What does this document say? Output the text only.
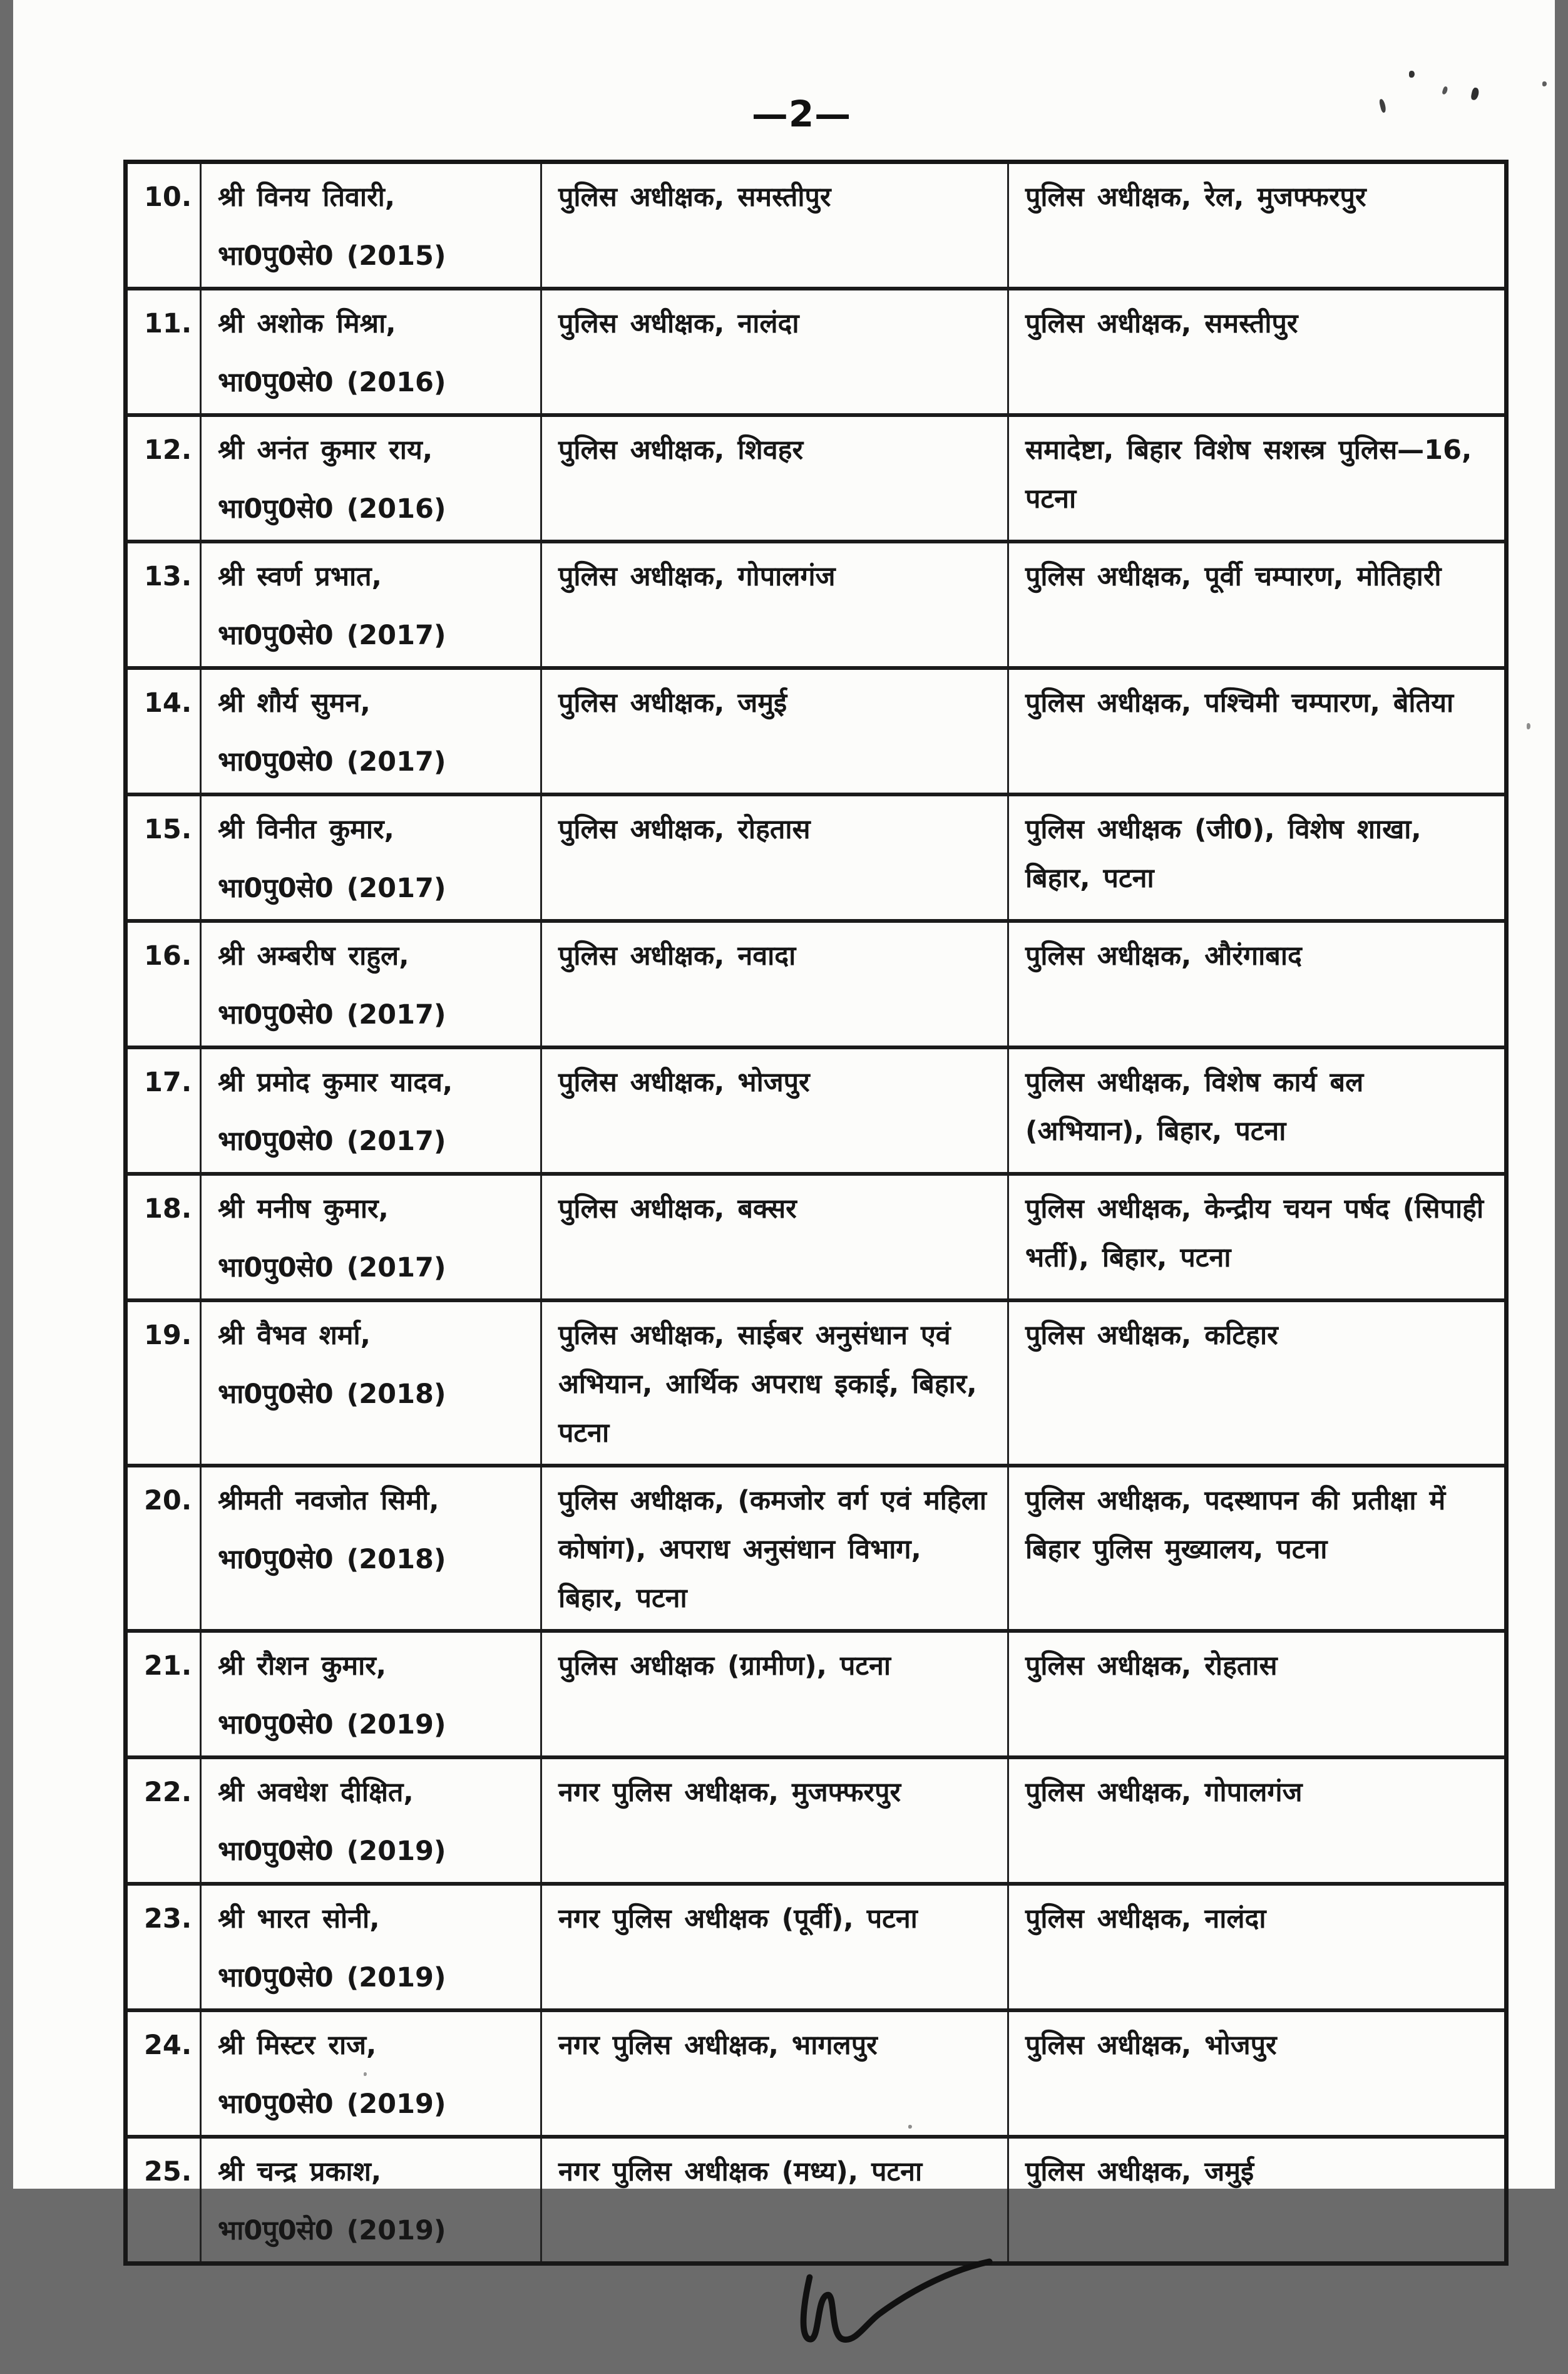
—2—
10.	श्री विनय तिवारी,
भा0पु0से0 (2015)	पुलिस अधीक्षक, समस्तीपुर	पुलिस अधीक्षक, रेल, मुजफ्फरपुर

11.	श्री अशोक मिश्रा,
भा0पु0से0 (2016)	पुलिस अधीक्षक, नालंदा	पुलिस अधीक्षक, समस्तीपुर

12.	श्री अनंत कुमार राय,
भा0पु0से0 (2016)	पुलिस अधीक्षक, शिवहर	समादेष्टा, बिहार विशेष सशस्त्र पुलिस—16, पटना

13.	श्री स्वर्ण प्रभात,
भा0पु0से0 (2017)	पुलिस अधीक्षक, गोपालगंज	पुलिस अधीक्षक, पूर्वी चम्पारण, मोतिहारी

14.	श्री शौर्य सुमन,
भा0पु0से0 (2017)	पुलिस अधीक्षक, जमुई	पुलिस अधीक्षक, पश्चिमी चम्पारण, बेतिया

15.	श्री विनीत कुमार,
भा0पु0से0 (2017)	पुलिस अधीक्षक, रोहतास	पुलिस अधीक्षक (जी0), विशेष शाखा, बिहार, पटना

16.	श्री अम्बरीष राहुल,
भा0पु0से0 (2017)	पुलिस अधीक्षक, नवादा	पुलिस अधीक्षक, औरंगाबाद

17.	श्री प्रमोद कुमार यादव,
भा0पु0से0 (2017)	पुलिस अधीक्षक, भोजपुर	पुलिस अधीक्षक, विशेष कार्य बल (अभियान), बिहार, पटना

18.	श्री मनीष कुमार,
भा0पु0से0 (2017)	पुलिस अधीक्षक, बक्सर	पुलिस अधीक्षक, केन्द्रीय चयन पर्षद (सिपाही भर्ती), बिहार, पटना

19.	श्री वैभव शर्मा,
भा0पु0से0 (2018)	पुलिस अधीक्षक, साईबर अनुसंधान एवं अभियान, आर्थिक अपराध इकाई, बिहार, पटना	पुलिस अधीक्षक, कटिहार

20.	श्रीमती नवजोत सिमी,
भा0पु0से0 (2018)	पुलिस अधीक्षक, (कमजोर वर्ग एवं महिला कोषांग), अपराध अनुसंधान विभाग, बिहार, पटना	पुलिस अधीक्षक, पदस्थापन की प्रतीक्षा में बिहार पुलिस मुख्यालय, पटना

21.	श्री रौशन कुमार,
भा0पु0से0 (2019)	पुलिस अधीक्षक (ग्रामीण), पटना	पुलिस अधीक्षक, रोहतास

22.	श्री अवधेश दीक्षित,
भा0पु0से0 (2019)	नगर पुलिस अधीक्षक, मुजफ्फरपुर	पुलिस अधीक्षक, गोपालगंज

23.	श्री भारत सोनी,
भा0पु0से0 (2019)	नगर पुलिस अधीक्षक (पूर्वी), पटना	पुलिस अधीक्षक, नालंदा

24.	श्री मिस्टर राज,
भा0पु0से0 (2019)	नगर पुलिस अधीक्षक, भागलपुर	पुलिस अधीक्षक, भोजपुर

25.	श्री चन्द्र प्रकाश,
भा0पु0से0 (2019)	नगर पुलिस अधीक्षक (मध्य), पटना	पुलिस अधीक्षक, जमुई
